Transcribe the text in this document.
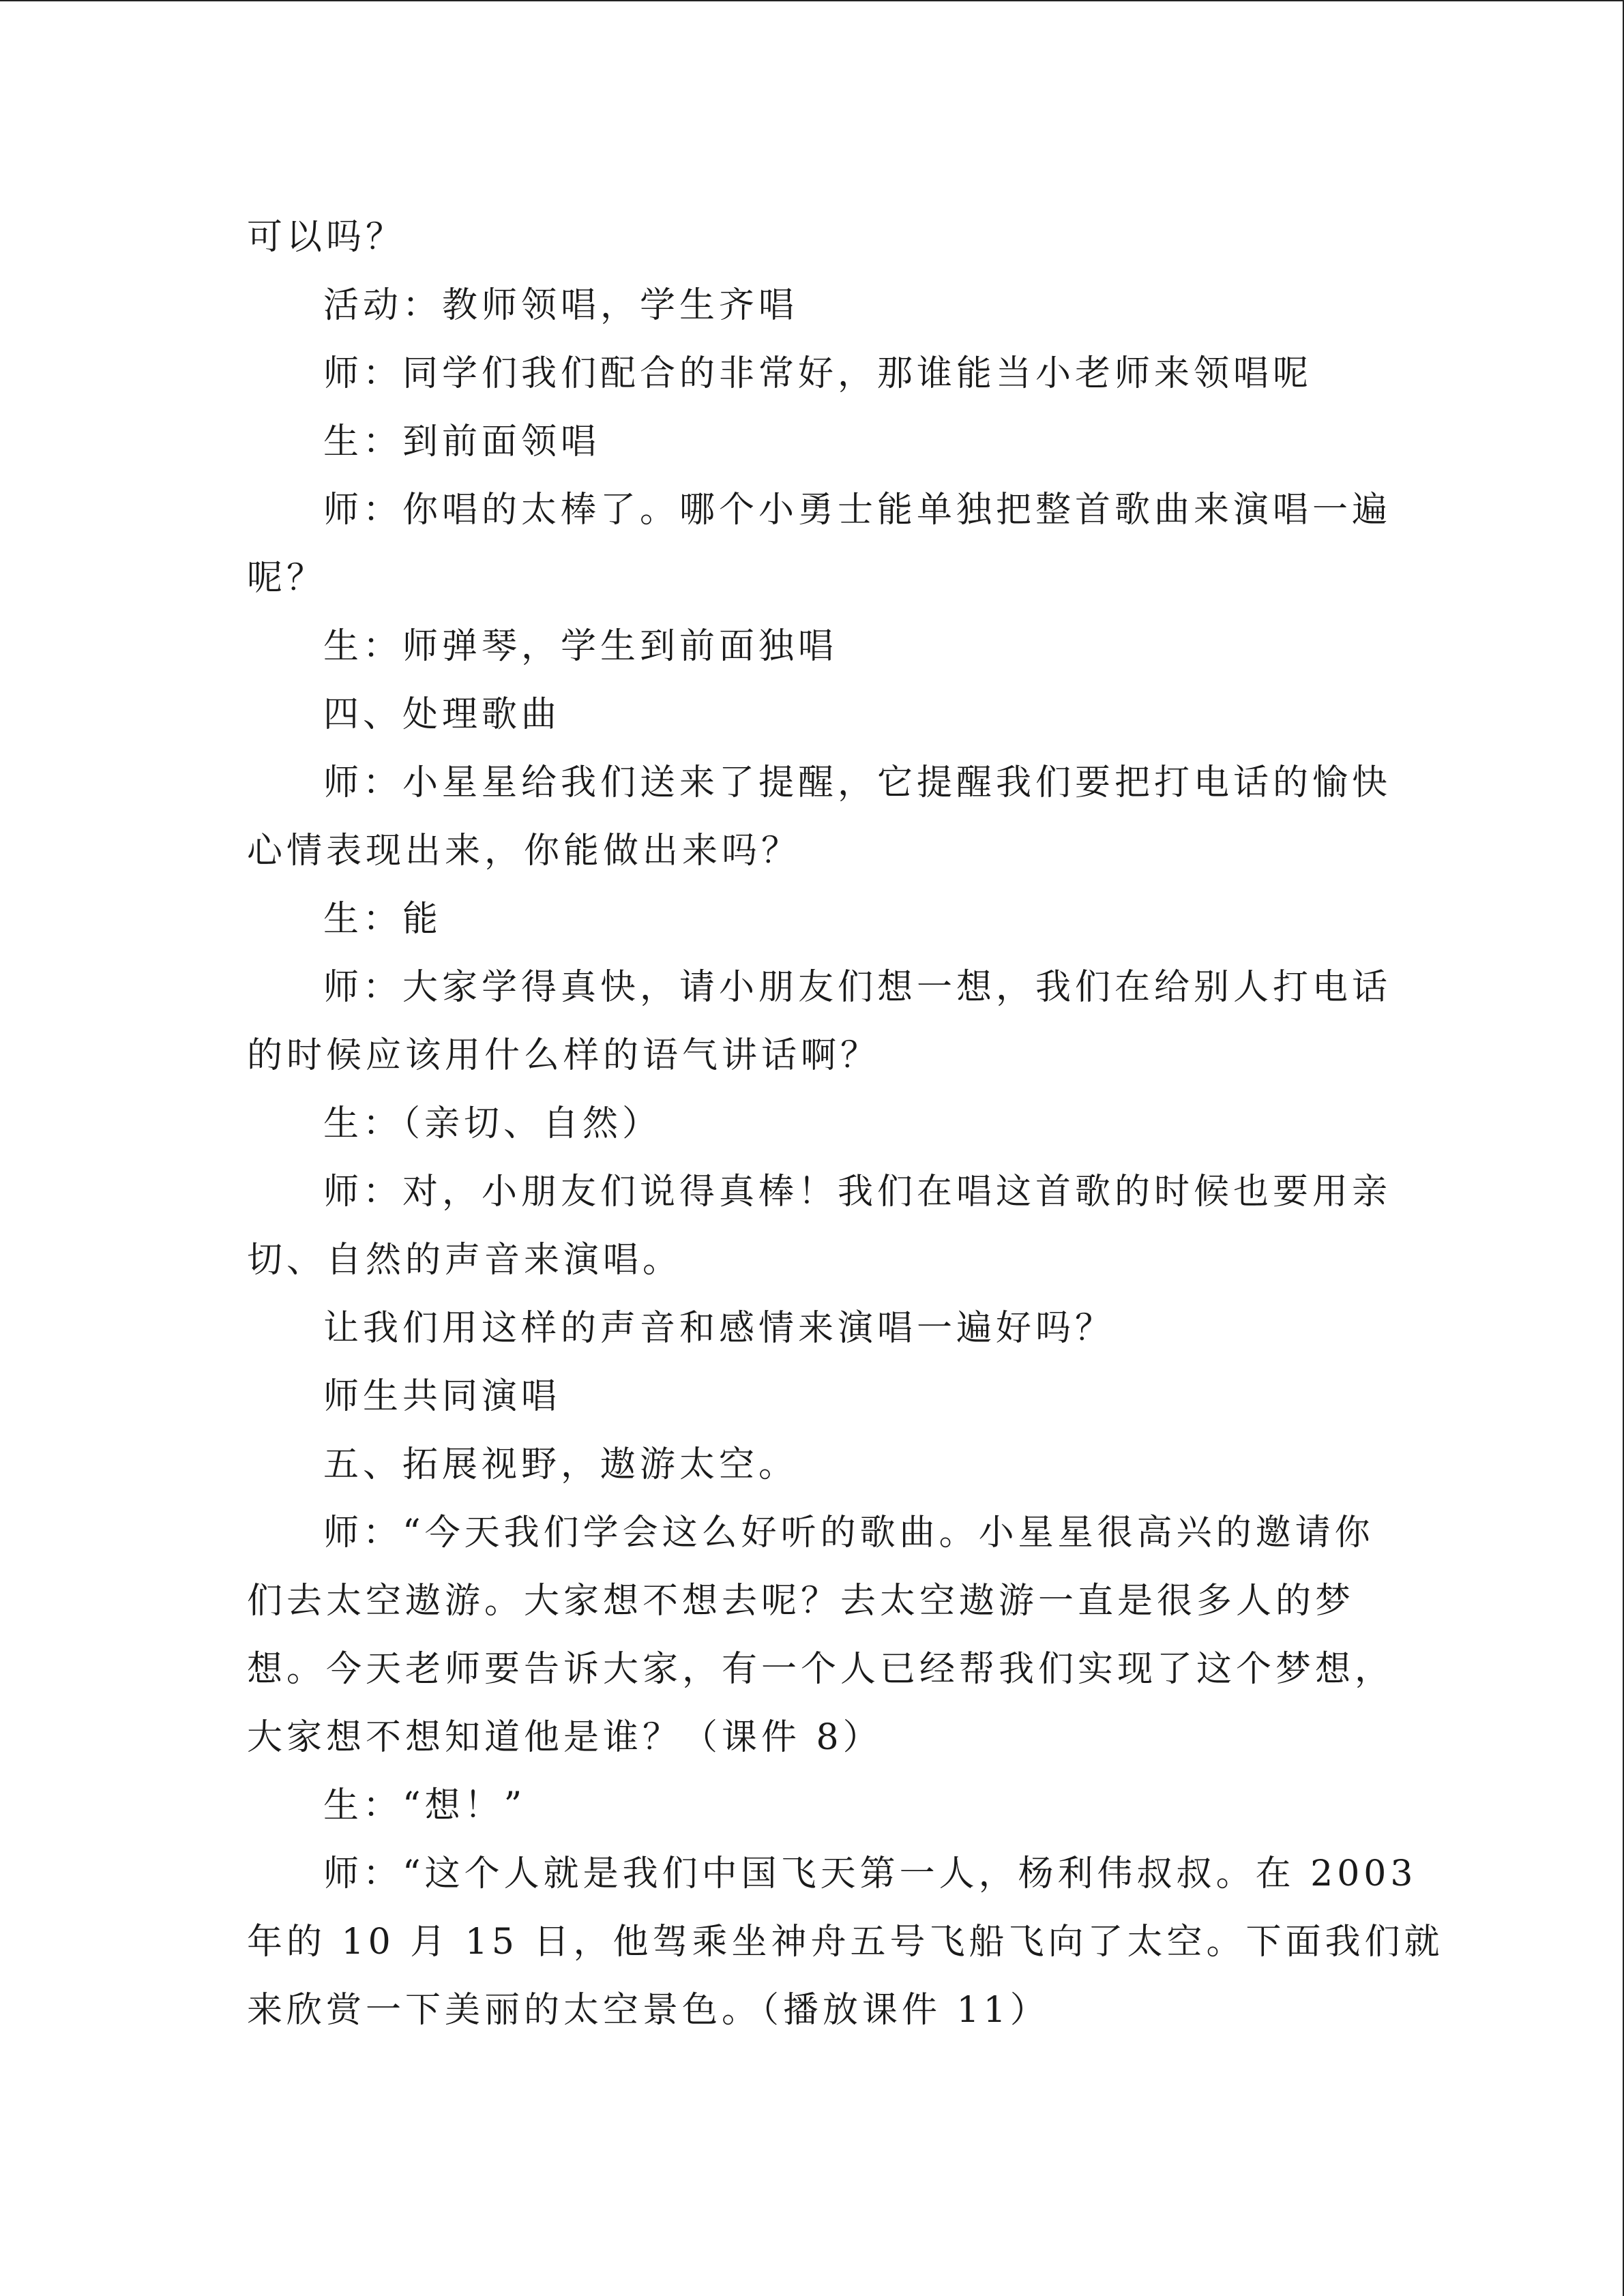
可以吗？
活动：教师领唱，学生齐唱
师：同学们我们配合的非常好，那谁能当小老师来领唱呢
生：到前面领唱
师：你唱的太棒了。哪个小勇士能单独把整首歌曲来演唱一遍
呢？
生：师弹琴，学生到前面独唱
四、处理歌曲
师：小星星给我们送来了提醒，它提醒我们要把打电话的愉快
心情表现出来，你能做出来吗？
生：能
师：大家学得真快，请小朋友们想一想，我们在给别人打电话
的时候应该用什么样的语气讲话啊？
生：（亲切、自然）
师：对，小朋友们说得真棒！我们在唱这首歌的时候也要用亲
切、自然的声音来演唱。
让我们用这样的声音和感情来演唱一遍好吗？
师生共同演唱
五、拓展视野，遨游太空。
师：“今天我们学会这么好听的歌曲。小星星很高兴的邀请你
们去太空遨游。大家想不想去呢？去太空遨游一直是很多人的梦
想。今天老师要告诉大家，有一个人已经帮我们实现了这个梦想，
大家想不想知道他是谁？（课件 8）
生：“想！”
师：“这个人就是我们中国飞天第一人，杨利伟叔叔。在 2003
年的 10 月 15 日，他驾乘坐神舟五号飞船飞向了太空。下面我们就
来欣赏一下美丽的太空景色。（播放课件 11）
